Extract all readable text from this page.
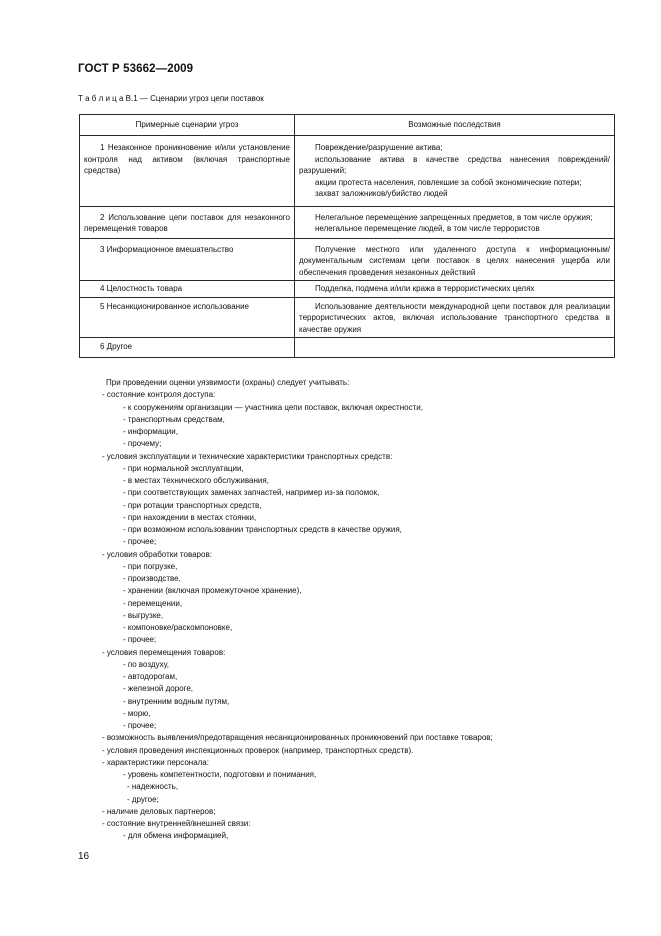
ГОСТ Р 53662—2009
Т а б л и ц а В.1 — Сценарии угроз цепи поставок
Примерные сценарии угроз	Возможные последствия
1 Незаконное проникновение и/или установление контроля над активом (включая транспортные средства)	Повреждение/разрушение актива;

использование актива в качестве средства нанесения повреждений/разрушений;

акции протеста населения, повлекшие за собой экономические потери;

захват заложников/убийство людей

2 Использование цепи поставок для незаконного перемещения товаров	Нелегальное перемещение запрещенных предметов, в том числе оружия;

нелегальное перемещение людей, в том числе террористов

3 Информационное вмешательство	Получение местного или удаленного доступа к информационным/документальным системам цепи поставок в целях нанесения ущерба или обеспечения проведения незаконных действий

4 Целостность товара	Подделка, подмена и/или кража в террористических целях

5 Несанкционированное использование	Использование деятельности международной цепи поставок для реализации террористических актов, включая использование транспортного средства в качестве оружия

6 Другое	
При проведении оценки уязвимости (охраны) следует учитывать:
- состояние контроля доступа:
- к сооружениям организации — участника цепи поставок, включая окрестности,
- транспортным средствам,
- информации,
- прочему;
- условия эксплуатации и технические характеристики транспортных средств:
- при нормальной эксплуатации,
- в местах технического обслуживания,
- при соответствующих заменах запчастей, например из-за поломок,
- при ротации транспортных средств,
- при нахождении в местах стоянки,
- при возможном использовании транспортных средств в качестве оружия,
- прочее;
- условия обработки товаров:
- при погрузке,
- производстве,
- хранении (включая промежуточное хранение),
- перемещении,
- выгрузке,
- компоновке/раскомпоновке,
- прочее;
- условия перемещения товаров:
- по воздуху,
- автодорогам,
- железной дороге,
- внутренним водным путям,
- морю,
- прочее;
- возможность выявления/предотвращения несанкционированных проникновений при поставке товаров;
- условия проведения инспекционных проверок (например, транспортных средств).
- характеристики персонала:
- уровень компетентности, подготовки и понимания,
- надежность,
- другое;
- наличие деловых партнеров;
- состояние внутренней/внешней связи:
- для обмена информацией,
16
